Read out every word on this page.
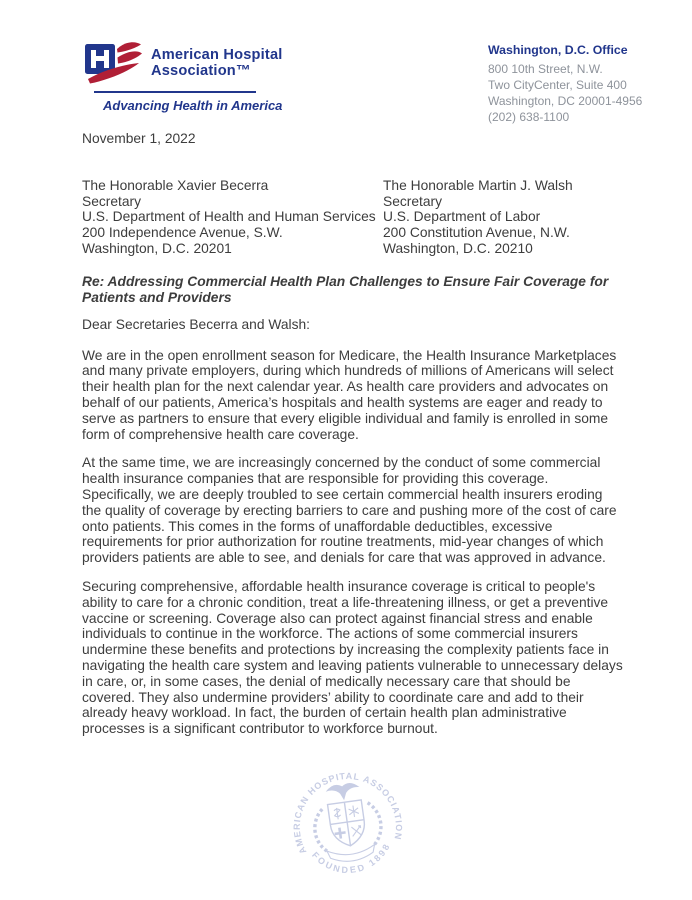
American Hospital
Association™
Advancing Health in America
Washington, D.C. Office
800 10th Street, N.W.
Two CityCenter, Suite 400
Washington, DC 20001-4956
(202) 638-1100
November 1, 2022
The Honorable Xavier Becerra
Secretary
U.S. Department of Health and Human Services
200 Independence Avenue, S.W.
Washington, D.C. 20201
The Honorable Martin J. Walsh
Secretary
U.S. Department of Labor
200 Constitution Avenue, N.W.
Washington, D.C. 20210
Re: Addressing Commercial Health Plan Challenges to Ensure Fair Coverage for Patients and Providers
Dear Secretaries Becerra and Walsh:

We are in the open enrollment season for Medicare, the Health Insurance Marketplaces and many private employers, during which hundreds of millions of Americans will select their health plan for the next calendar year. As health care providers and advocates on behalf of our patients, America’s hospitals and health systems are eager and ready to serve as partners to ensure that every eligible individual and family is enrolled in some form of comprehensive health care coverage.

At the same time, we are increasingly concerned by the conduct of some commercial health insurance companies that are responsible for providing this coverage. Specifically, we are deeply troubled to see certain commercial health insurers eroding the quality of coverage by erecting barriers to care and pushing more of the cost of care onto patients. This comes in the forms of unaffordable deductibles, excessive requirements for prior authorization for routine treatments, mid-year changes of which providers patients are able to see, and denials for care that was approved in advance.

Securing comprehensive, affordable health insurance coverage is critical to people's ability to care for a chronic condition, treat a life-threatening illness, or get a preventive vaccine or screening. Coverage also can protect against financial stress and enable individuals to continue in the workforce. The actions of some commercial insurers undermine these benefits and protections by increasing the complexity patients face in navigating the health care system and leaving patients vulnerable to unnecessary delays in care, or, in some cases, the denial of medically necessary care that should be covered. They also undermine providers’ ability to coordinate care and add to their already heavy workload. In fact, the burden of certain health plan administrative processes is a significant contributor to workforce burnout.

AMERICAN HOSPITAL ASSOCIATION
FOUNDED 1898
